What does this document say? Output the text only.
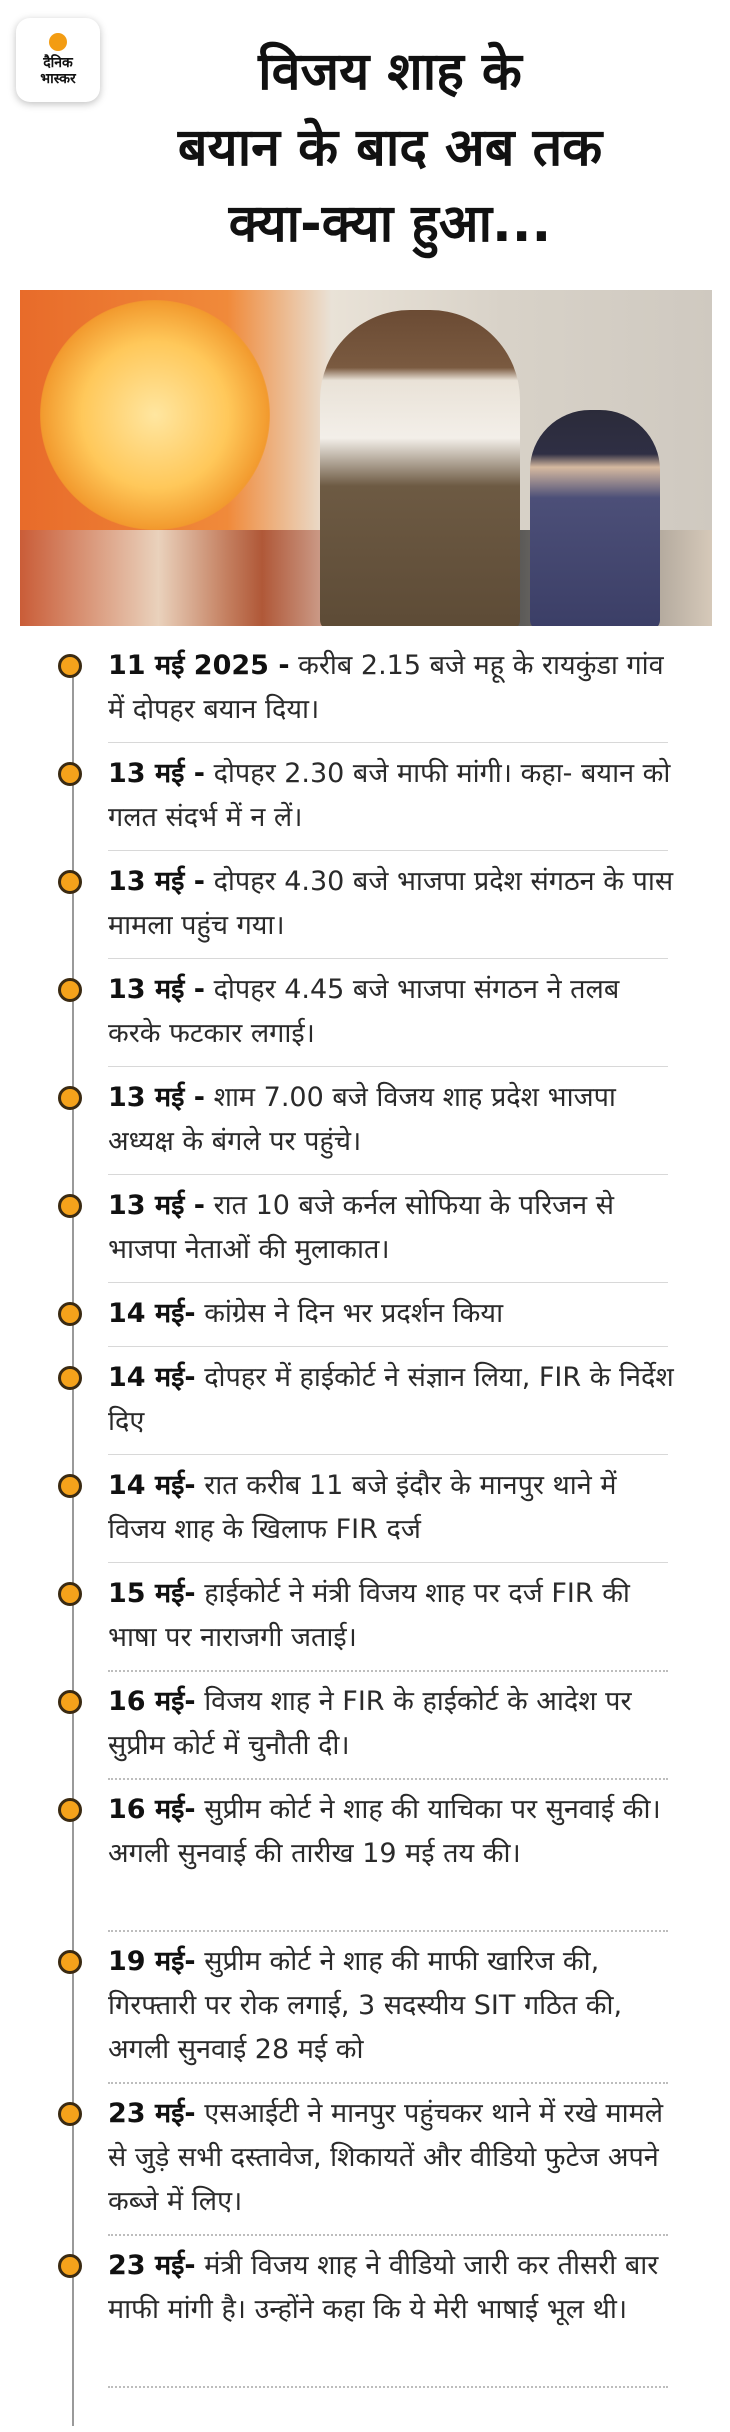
दैनिक
भास्कर	विजय शाह के
बयान के बाद अब तक
क्या-क्या हुआ...
11 मई 2025 - करीब 2.15 बजे महू के रायकुंडा गांव में दोपहर बयान दिया।
13 मई - दोपहर 2.30 बजे माफी मांगी। कहा- बयान को गलत संदर्भ में न लें।
13 मई - दोपहर 4.30 बजे भाजपा प्रदेश संगठन के पास मामला पहुंच गया।
13 मई - दोपहर 4.45 बजे भाजपा संगठन ने तलब करके फटकार लगाई।
13 मई - शाम 7.00 बजे विजय शाह प्रदेश भाजपा अध्यक्ष के बंगले पर पहुंचे।
13 मई - रात 10 बजे कर्नल सोफिया के परिजन से भाजपा नेताओं की मुलाकात।
14 मई- कांग्रेस ने दिन भर प्रदर्शन किया
14 मई- दोपहर में हाईकोर्ट ने संज्ञान लिया, FIR के निर्देश दिए
14 मई- रात करीब 11 बजे इंदौर के मानपुर थाने में विजय शाह के खिलाफ FIR दर्ज
15 मई- हाईकोर्ट ने मंत्री विजय शाह पर दर्ज FIR की भाषा पर नाराजगी जताई।
16 मई- विजय शाह ने FIR के हाईकोर्ट के आदेश पर सुप्रीम कोर्ट में चुनौती दी।
16 मई- सुप्रीम कोर्ट ने शाह की याचिका पर सुनवाई की। अगली सुनवाई की तारीख 19 मई तय की।
19 मई- सुप्रीम कोर्ट ने शाह की माफी खारिज की, गिरफ्तारी पर रोक लगाई, 3 सदस्यीय SIT गठित की, अगली सुनवाई 28 मई को
23 मई- एसआईटी ने मानपुर पहुंचकर थाने में रखे मामले से जुड़े सभी दस्तावेज, शिकायतें और वीडियो फुटेज अपने कब्जे में लिए।
23 मई- मंत्री विजय शाह ने वीडियो जारी कर तीसरी बार माफी मांगी है। उन्होंने कहा कि ये मेरी भाषाई भूल थी।
